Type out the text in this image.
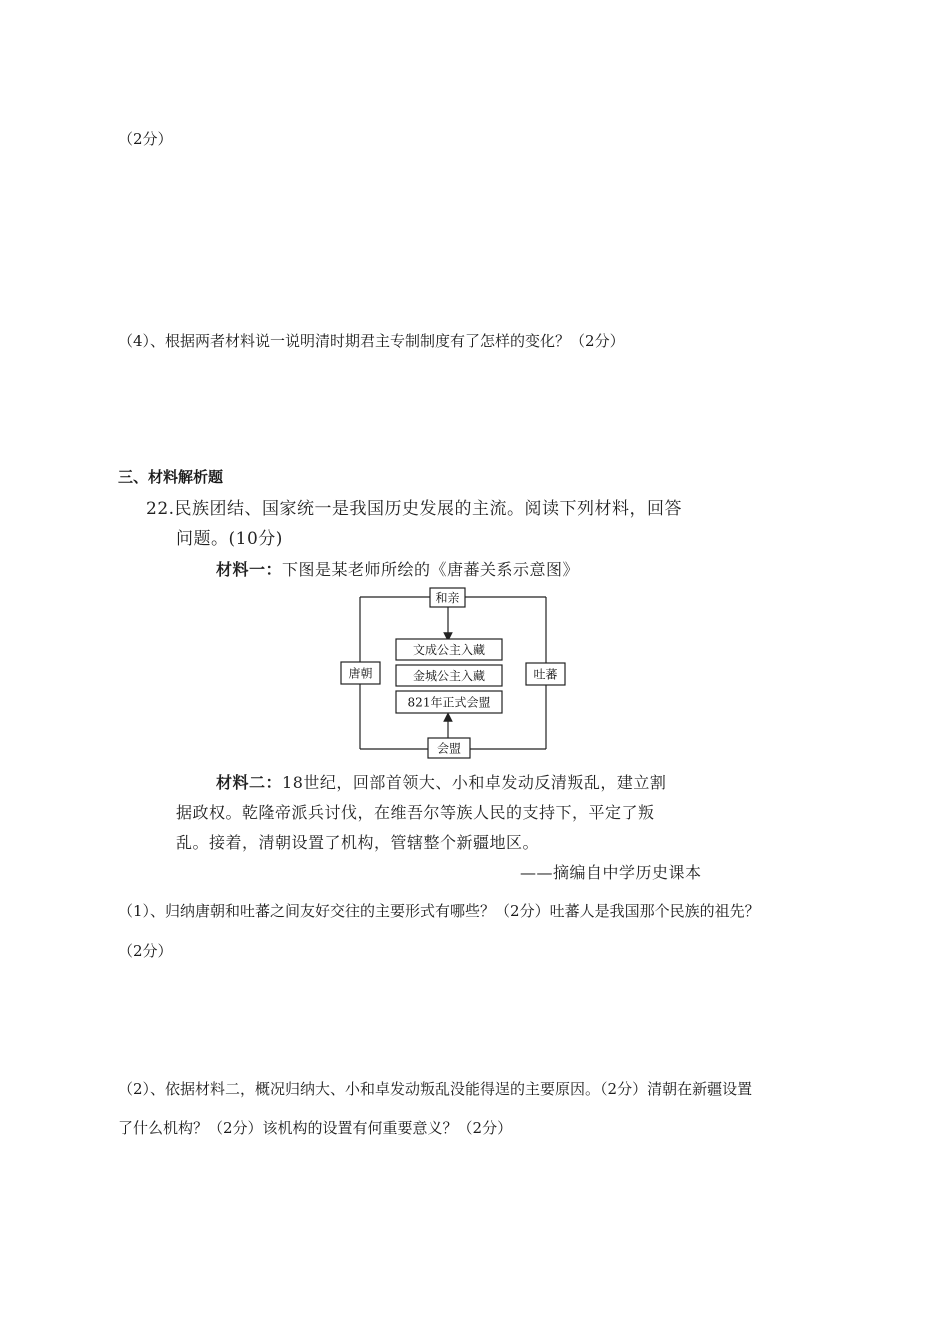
（2分）
（4）、根据两者材料说一说明清时期君主专制制度有了怎样的变化？（2分）
三、材料解析题
22.民族团结、国家统一是我国历史发展的主流。阅读下列材料，回答
问题。(10分)
材料一：下图是某老师所绘的《唐蕃关系示意图》
和亲
唐朝	吐蕃
会盟
文成公主入藏
金城公主入藏
821年正式会盟
材料二：18世纪，回部首领大、小和卓发动反清叛乱，建立割
据政权。乾隆帝派兵讨伐，在维吾尔等族人民的支持下，平定了叛
乱。接着，清朝设置了机构，管辖整个新疆地区。
——摘编自中学历史课本
（1）、归纳唐朝和吐蕃之间友好交往的主要形式有哪些？（2分）吐蕃人是我国那个民族的祖先？
（2分）
（2）、依据材料二，概况归纳大、小和卓发动叛乱没能得逞的主要原因。（2分）清朝在新疆设置
了什么机构？（2分）该机构的设置有何重要意义？（2分）
